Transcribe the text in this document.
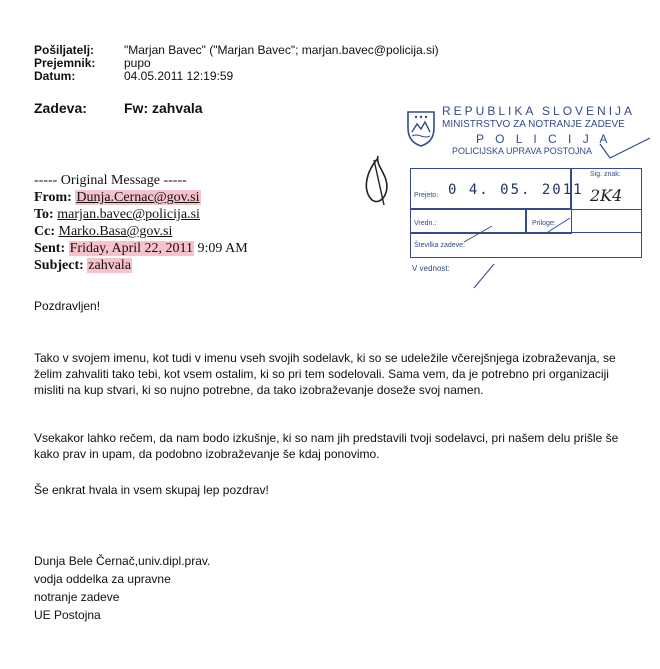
Pošiljatelj: "Marjan Bavec" ("Marjan Bavec"; marjan.bavec@policija.si)
Prejemnik: pupo
Datum:	04.05.2011 12:19:59
Zadeva:	Fw: zahvala
----- Original Message -----
From: Dunja.Cernac@gov.si
To: marjan.bavec@policija.si
Cc: Marko.Basa@gov.si
Sent: Friday, April 22, 2011 9:09 AM
Subject: zahvala
Pozdravljen!
Tako v svojem imenu, kot tudi v imenu vseh svojih sodelavk, ki so se udeležile včerejšnjega izobraževanja, se želim zahvaliti tako tebi, kot vsem ostalim, ki so pri tem sodelovali. Sama vem, da je potrebno pri organizaciji misliti na kup stvari, ki so nujno potrebne, da tako izobraževanje doseže svoj namen.
Vsekakor lahko rečem, da nam bodo izkušnje, ki so nam jih predstavili tvoji sodelavci, pri našem delu prišle še kako prav in upam, da podobno izobraževanje še kdaj ponovimo.
Še enkrat hvala in vsem skupaj lep pozdrav!
Dunja Bele Černač,univ.dipl.prav.
vodja oddelka za upravne
notranje zadeve
UE Postojna
REPUBLIKA SLOVENIJA
MINISTRSTVO ZA NOTRANJE ZADEVE
P O L I C I J A
POLICIJSKA UPRAVA POSTOJNA
Prejeto: 0 4. 05. 2011
Sig. znak:
2K4
Vredn.:	Priloge:
Številka zadeve:
V vednost:
